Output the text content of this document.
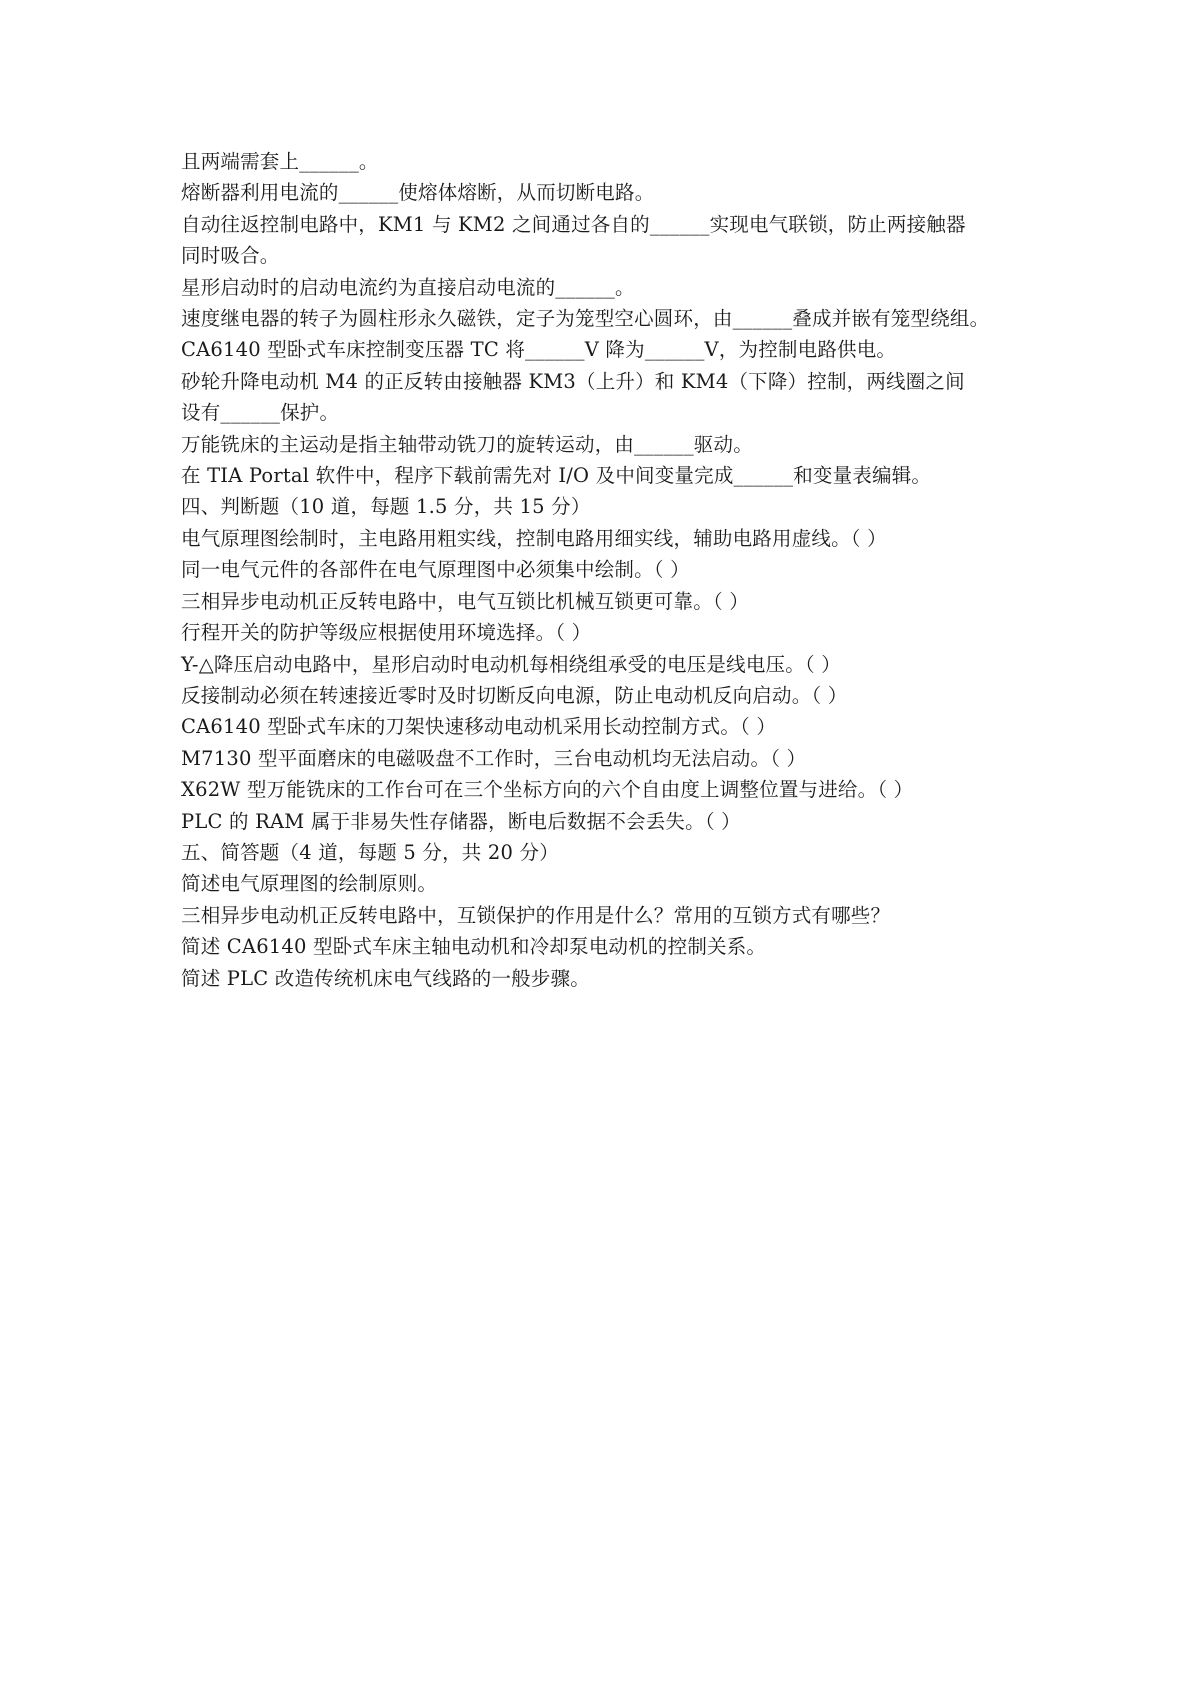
且两端需套上______。

熔断器利用电流的______使熔体熔断，从而切断电路。

自动往返控制电路中，KM1 与 KM2 之间通过各自的______实现电气联锁，防止两接触器

同时吸合。

星形启动时的启动电流约为直接启动电流的______。

速度继电器的转子为圆柱形永久磁铁，定子为笼型空心圆环，由______叠成并嵌有笼型绕组。

CA6140 型卧式车床控制变压器 TC 将______V 降为______V，为控制电路供电。

砂轮升降电动机 M4 的正反转由接触器 KM3（上升）和 KM4（下降）控制，两线圈之间

设有______保护。

万能铣床的主运动是指主轴带动铣刀的旋转运动，由______驱动。

在 TIA Portal 软件中，程序下载前需先对 I/O 及中间变量完成______和变量表编辑。

四、判断题（10 道，每题 1.5 分，共 15 分）

电气原理图绘制时，主电路用粗实线，控制电路用细实线，辅助电路用虚线。（ ）

同一电气元件的各部件在电气原理图中必须集中绘制。（ ）

三相异步电动机正反转电路中，电气互锁比机械互锁更可靠。（ ）

行程开关的防护等级应根据使用环境选择。（ ）

Y-△降压启动电路中，星形启动时电动机每相绕组承受的电压是线电压。（ ）

反接制动必须在转速接近零时及时切断反向电源，防止电动机反向启动。（ ）

CA6140 型卧式车床的刀架快速移动电动机采用长动控制方式。（ ）

M7130 型平面磨床的电磁吸盘不工作时，三台电动机均无法启动。（ ）

X62W 型万能铣床的工作台可在三个坐标方向的六个自由度上调整位置与进给。（ ）

PLC 的 RAM 属于非易失性存储器，断电后数据不会丢失。（ ）

五、简答题（4 道，每题 5 分，共 20 分）

简述电气原理图的绘制原则。

三相异步电动机正反转电路中，互锁保护的作用是什么？常用的互锁方式有哪些？

简述 CA6140 型卧式车床主轴电动机和冷却泵电动机的控制关系。

简述 PLC 改造传统机床电气线路的一般步骤。
